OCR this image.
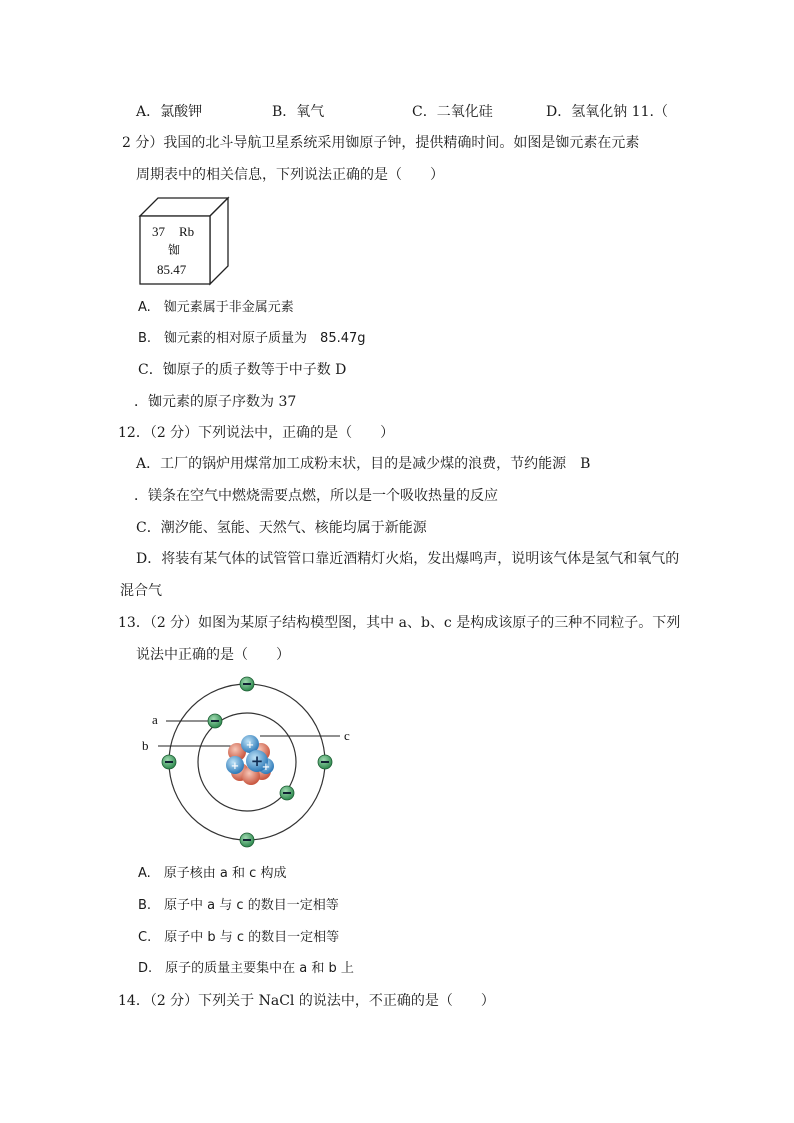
A．氯酸钾	B．氧气	C．二氧化硅	D．氢氧化钠 11.（
2 分）我国的北斗导航卫星系统采用铷原子钟，提供精确时间。如图是铷元素在元素
周期表中的相关信息，下列说法正确的是（　　）
37 Rb
铷
85.47
A.　铷元素属于非金属元素
B.　铷元素的相对原子质量为　85.47g
C．铷原子的质子数等于中子数 D
．铷元素的原子序数为 37
12．（2 分）下列说法中，正确的是（　　）
A．工厂的锅炉用煤常加工成粉末状，目的是减少煤的浪费，节约能源　B
．镁条在空气中燃烧需要点燃，所以是一个吸收热量的反应
C．潮汐能、氢能、天然气、核能均属于新能源
D．将装有某气体的试管管口靠近酒精灯火焰，发出爆鸣声，说明该气体是氢气和氧气的
混合气
13．（2 分）如图为某原子结构模型图，其中 a、b、c 是构成该原子的三种不同粒子。下列
说法中正确的是（　　）
a
b
c
+
+ +
+
A.　原子核由 a 和 c 构成
B.　原子中 a 与 c 的数目一定相等
C.　原子中 b 与 c 的数目一定相等
D.　原子的质量主要集中在 a 和 b 上
14．（2 分）下列关于 NaCl 的说法中，不正确的是（　　）
